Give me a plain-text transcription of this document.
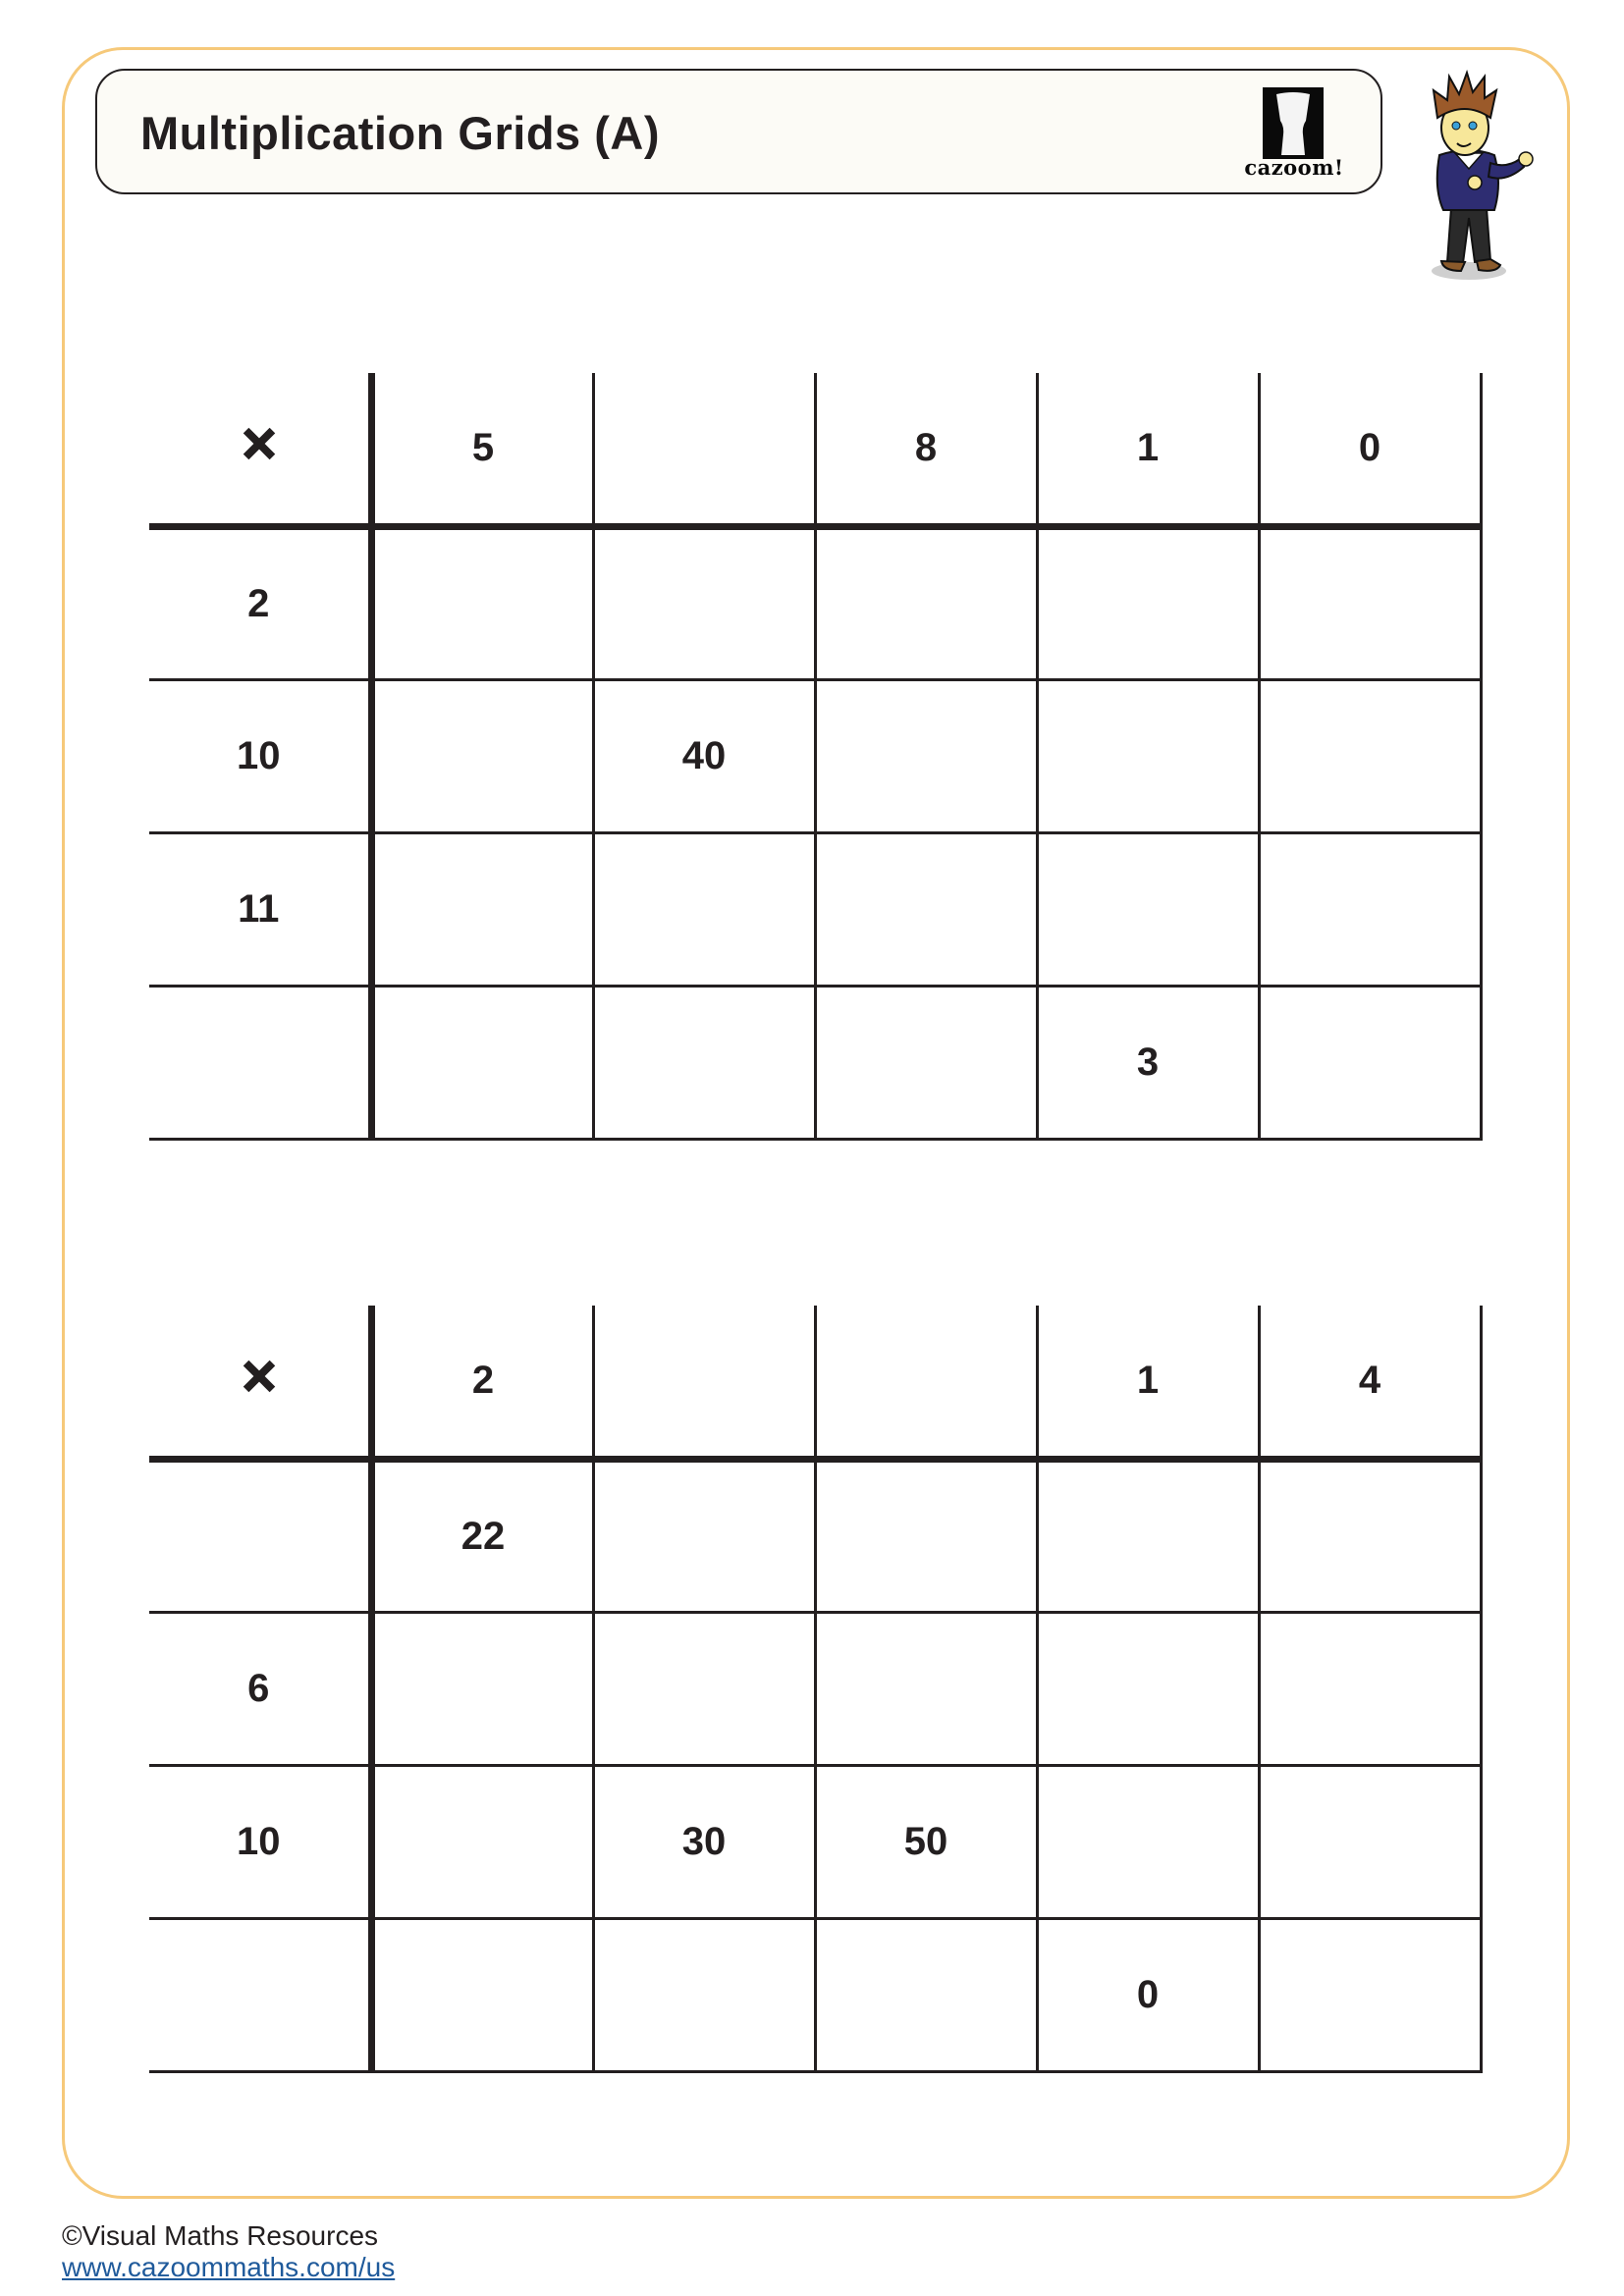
Multiplication Grids (A)
cazoom!
	5		8	1	0
2					
10		40			
11					
				3	
	2			1	4
	22				
6					
10		30	50		
				0	
©Visual Maths Resources
www.cazoommaths.com/us
